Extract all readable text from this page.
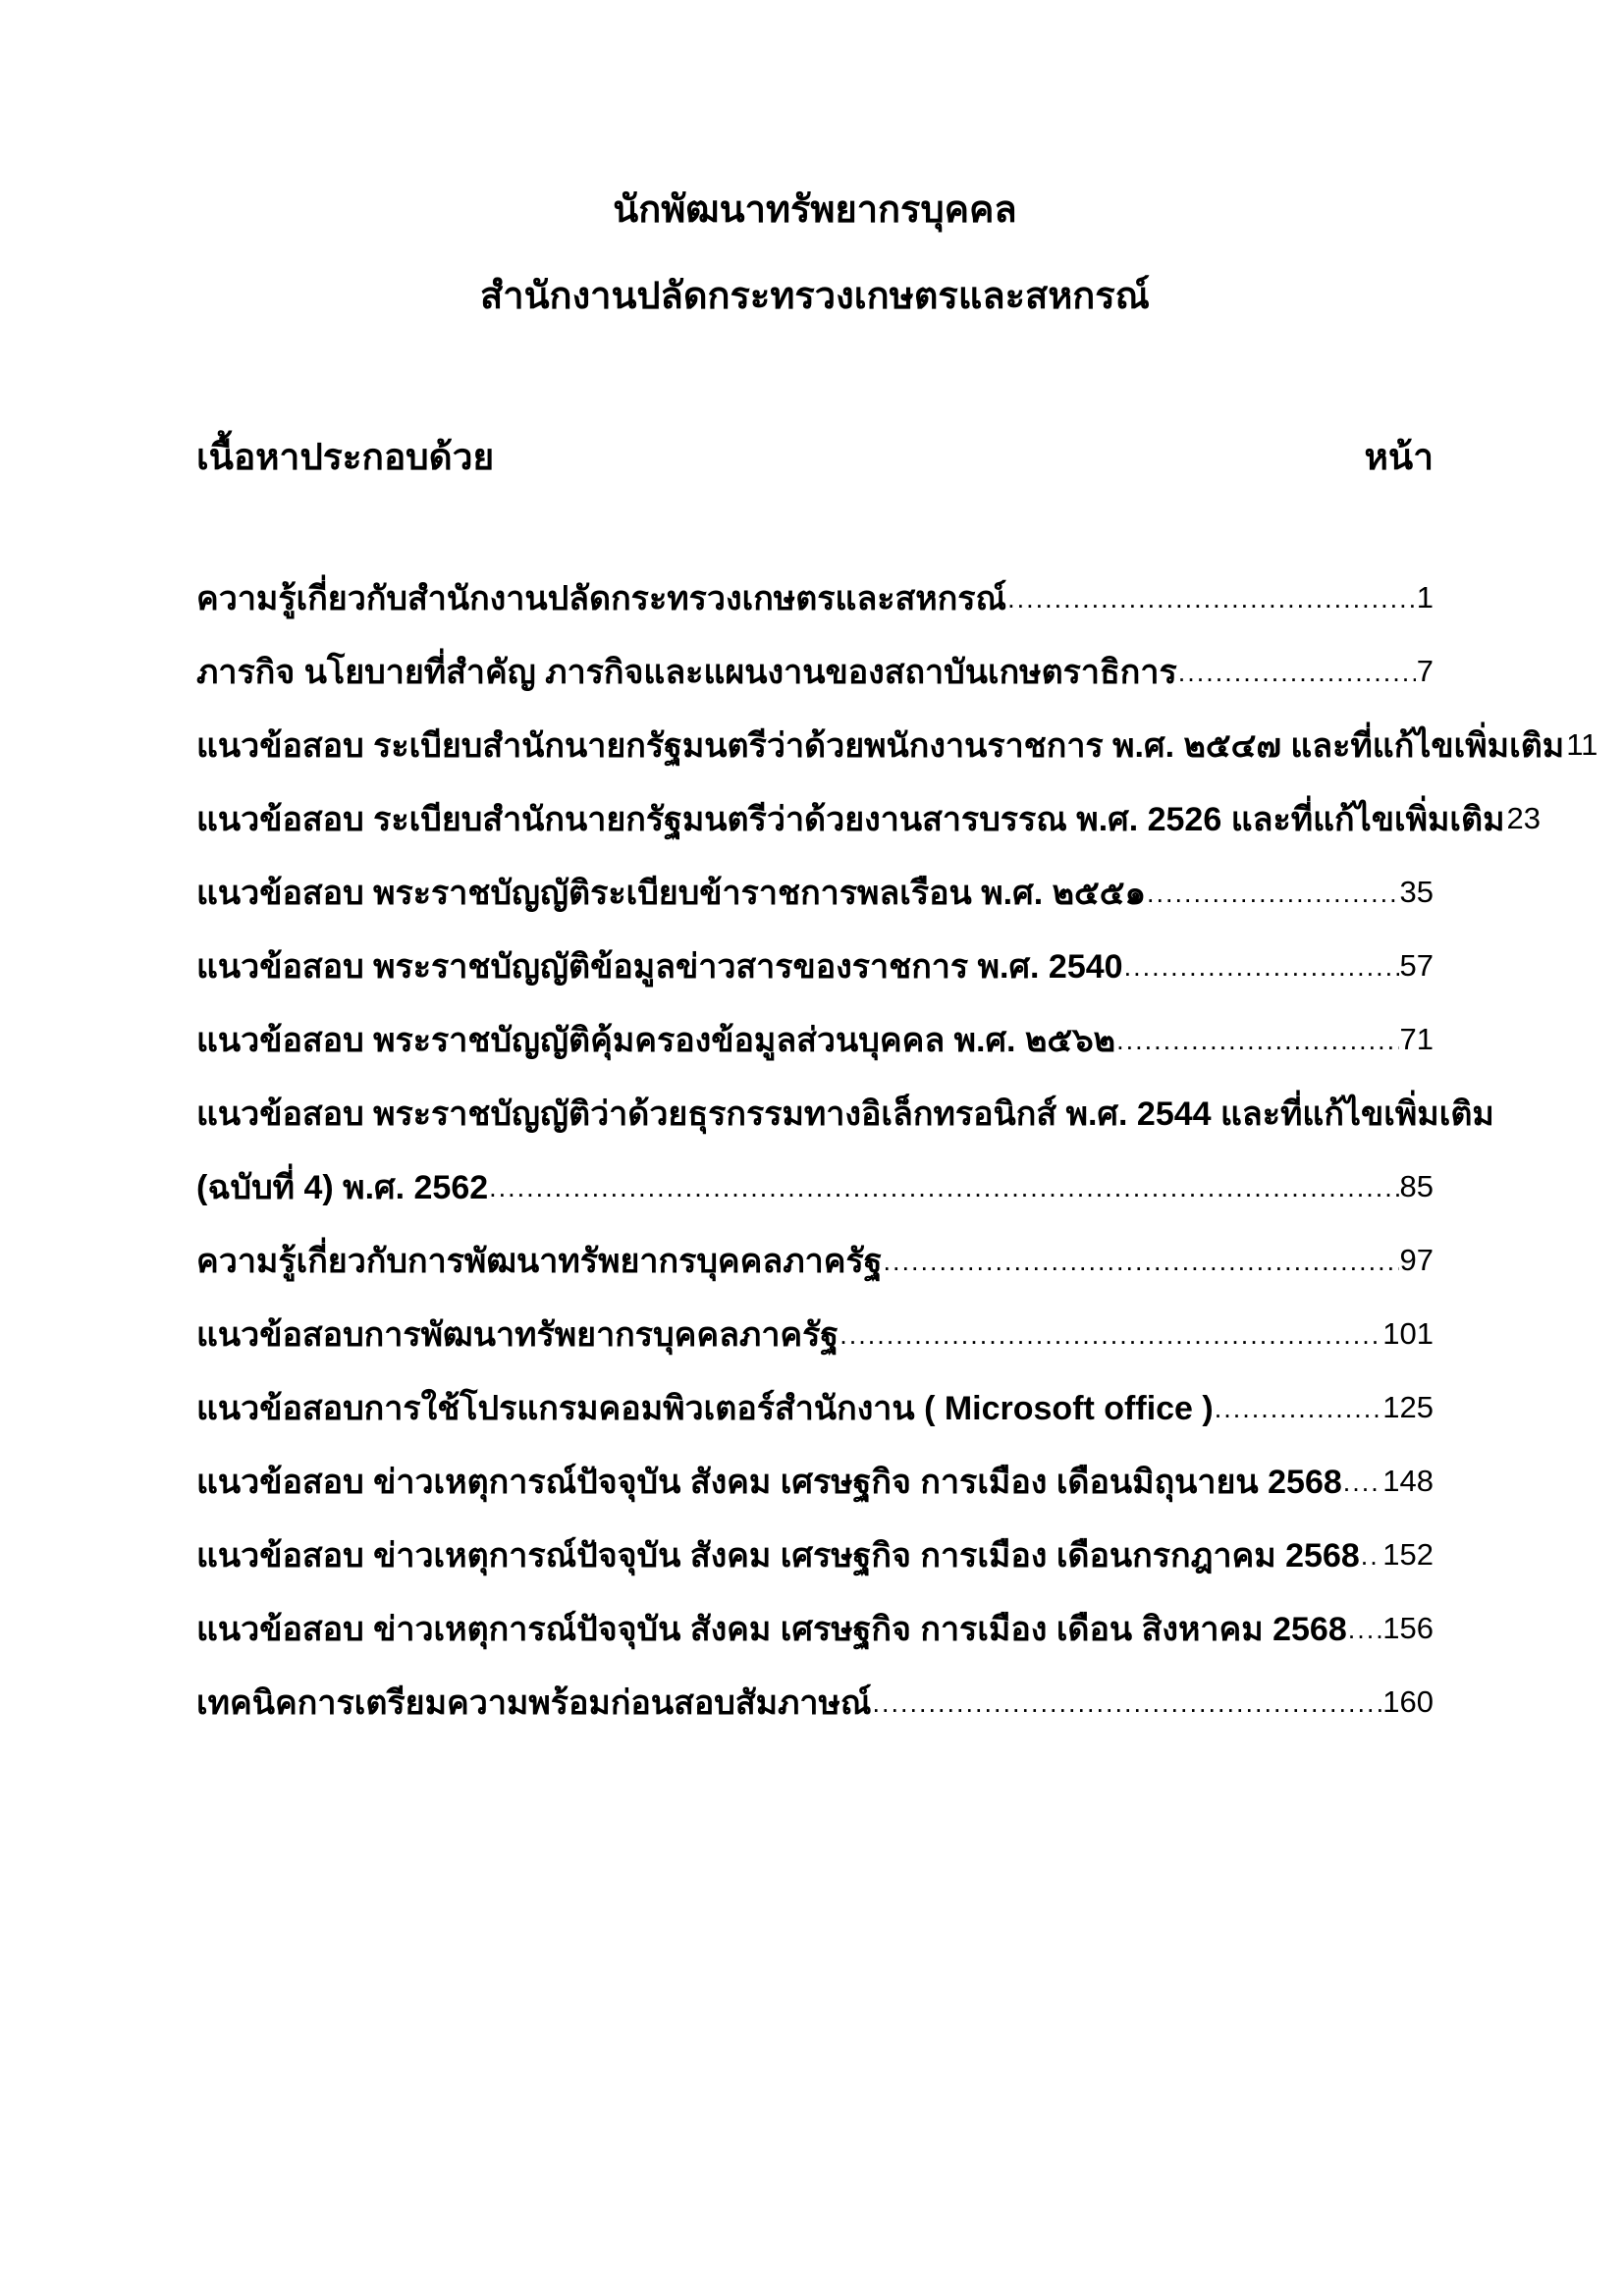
นักพัฒนาทรัพยากรบุคคล
สำนักงานปลัดกระทรวงเกษตรและสหกรณ์
เนื้อหาประกอบด้วย	หน้า
ความรู้เกี่ยวกับสำนักงานปลัดกระทรวงเกษตรและสหกรณ์ .....	1
ภารกิจ นโยบายที่สำคัญ ภารกิจและแผนงานของสถาบันเกษตราธิการ .....	7
แนวข้อสอบ ระเบียบสำนักนายกรัฐมนตรีว่าด้วยพนักงานราชการ พ.ศ. ๒๕๔๗ และที่แก้ไขเพิ่มเติม 11
แนวข้อสอบ ระเบียบสำนักนายกรัฐมนตรีว่าด้วยงานสารบรรณ พ.ศ. 2526 และที่แก้ไขเพิ่มเติม 23
แนวข้อสอบ พระราชบัญญัติระเบียบข้าราชการพลเรือน พ.ศ. ๒๕๕๑ .....	35
แนวข้อสอบ พระราชบัญญัติข้อมูลข่าวสารของราชการ พ.ศ. 2540 .....	57
แนวข้อสอบ พระราชบัญญัติคุ้มครองข้อมูลส่วนบุคคล พ.ศ. ๒๕๖๒ .....	71
แนวข้อสอบ พระราชบัญญัติว่าด้วยธุรกรรมทางอิเล็กทรอนิกส์ พ.ศ. 2544 และที่แก้ไขเพิ่มเติม
(ฉบับที่ 4) พ.ศ. 2562 .....	85
ความรู้เกี่ยวกับการพัฒนาทรัพยากรบุคคลภาครัฐ .....	97
แนวข้อสอบการพัฒนาทรัพยากรบุคคลภาครัฐ .....	101
แนวข้อสอบการใช้โปรแกรมคอมพิวเตอร์สำนักงาน ( Microsoft office ) .....	125
แนวข้อสอบ ข่าวเหตุการณ์ปัจจุบัน สังคม เศรษฐกิจ การเมือง เดือนมิถุนายน 2568 ..... 148
แนวข้อสอบ ข่าวเหตุการณ์ปัจจุบัน สังคม เศรษฐกิจ การเมือง เดือนกรกฎาคม 2568 ..... 152
แนวข้อสอบ ข่าวเหตุการณ์ปัจจุบัน สังคม เศรษฐกิจ การเมือง เดือน สิงหาคม 2568 ..... 156
เทคนิคการเตรียมความพร้อมก่อนสอบสัมภาษณ์ .....	160
